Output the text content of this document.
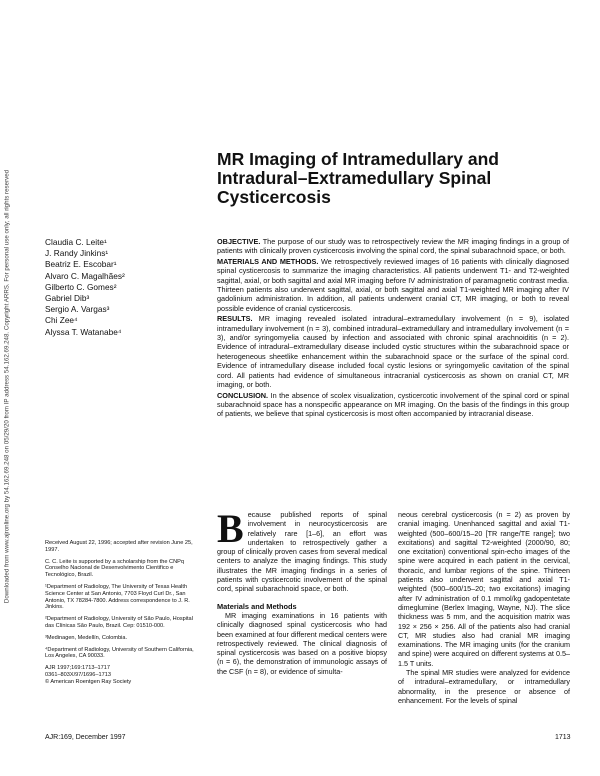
Downloaded from www.ajronline.org by 54.162.69.248 on 05/29/20 from IP address 54.162.69.248. Copyright ARRS. For personal use only; all rights reserved
MR Imaging of Intramedullary and
Intradural–Extramedullary Spinal
Cysticercosis
Claudia C. Leite¹
J. Randy Jinkins¹
Beatriz E. Escobar¹
Alvaro C. Magalhães²
Gilberto C. Gomes²
Gabriel Dib³
Sergio A. Vargas³
Chi Zee⁴
Alyssa T. Watanabe⁴

OBJECTIVE. The purpose of our study was to retrospectively review the MR imaging findings in a group of patients with clinically proven cysticercosis involving the spinal cord, the spinal subarachnoid space, or both.

MATERIALS AND METHODS. We retrospectively reviewed images of 16 patients with clinically diagnosed spinal cysticercosis to summarize the imaging characteristics. All patients underwent T1- and T2-weighted sagittal, axial, or both sagittal and axial MR imaging before IV administration of paramagnetic contrast media. Thirteen patients also underwent sagittal, axial, or both sagittal and axial T1-weighted MR imaging after IV gadolinium administration. In addition, all patients underwent cranial CT, MR imaging, or both to reveal possible evidence of cranial cysticercosis.

RESULTS. MR imaging revealed isolated intradural–extramedullary involvement (n = 9), isolated intramedullary involvement (n = 3), combined intradural–extramedullary and intramedullary involvement (n = 3), and/or syringomyelia caused by infection and associated with chronic spinal arachnoiditis (n = 2). Evidence of intradural–extramedullary disease included cystic structures within the subarachnoid space or heterogeneous sheetlike enhancement within the subarachnoid space or the surface of the spinal cord. Evidence of intramedullary disease included focal cystic lesions or syringomyelic cavitation of the spinal cord. All patients had evidence of simultaneous intracranial cysticercosis as shown on cranial CT, MR imaging, or both.

CONCLUSION. In the absence of scolex visualization, cysticercotic involvement of the spinal cord or spinal subarachnoid space has a nonspecific appearance on MR imaging. On the basis of the findings in this group of patients, we believe that spinal cysticercosis is most often accompanied by intracranial disease.

Received August 22, 1996; accepted after revision June 25, 1997.

C. C. Leite is supported by a scholarship from the CNPq Conselho Nacional de Desenvolvimento Cientifico e Tecnológico, Brazil.

¹Department of Radiology, The University of Texas Health Science Center at San Antonio, 7703 Floyd Curl Dr., San Antonio, TX 78284-7800. Address correspondence to J. R. Jinkins.

²Department of Radiology, University of São Paulo, Hospital das Clínicas São Paulo, Brazil. Cep: 01510-000.

³Medinagen, Medellín, Colombia.

⁴Department of Radiology, University of Southern California, Los Angeles, CA 90033.

AJR 1997;169:1713–1717

0361–803X/97/1696–1713

© American Roentgen Ray Society

Because published reports of spinal involvement in neurocysticercosis are relatively rare [1–6], an effort was undertaken to retrospectively gather a group of clinically proven cases from several medical centers to analyze the imaging findings. This study illustrates the MR imaging findings in a series of patients with cysticercotic involvement of the spinal cord, spinal subarachnoid space, or both.

Materials and Methods

MR imaging examinations in 16 patients with clinically diagnosed spinal cysticercosis who had been examined at four different medical centers were retrospectively reviewed. The clinical diagnosis of spinal cysticercosis was based on a positive biopsy (n = 6), the demonstration of immunologic assays of the CSF (n = 8), or evidence of simulta-

neous cerebral cysticercosis (n = 2) as proven by cranial imaging. Unenhanced sagittal and axial T1-weighted (500–600/15–20 [TR range/TE range]; two excitations) and sagittal T2-weighted (2000/90, 80; one excitation) conventional spin-echo images of the spine were acquired in each patient in the cervical, thoracic, and lumbar regions of the spine. Thirteen patients also underwent sagittal and axial T1-weighted (500–600/15–20; two excitations) imaging after IV administration of 0.1 mmol/kg gadopentetate dimeglumine (Berlex Imaging, Wayne, NJ). The slice thickness was 5 mm, and the acquisition matrix was 192 × 256 × 256. All of the patients also had cranial CT, MR studies also had cranial MR imaging examinations. The MR imaging units (for the cranium and spine) were acquired on different systems at 0.5–1.5 T units.

The spinal MR studies were analyzed for evidence of intradural–extramedullary, or intramedullary abnormality, in the presence or absence of enhancement. For the levels of spinal

AJR:169, December 1997	1713
